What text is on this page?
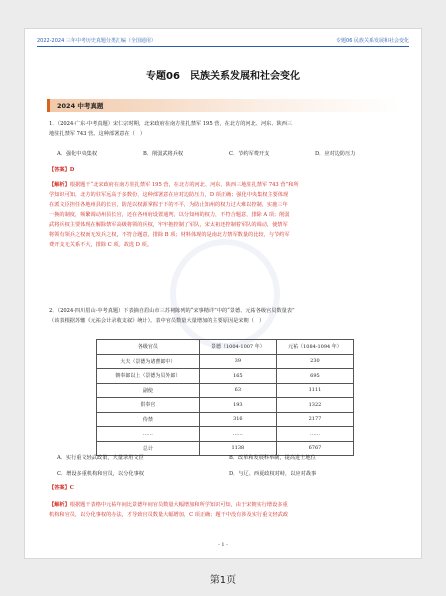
2022-2024 三年中考历史真题分类汇编（全国通用）	专题06 民族关系发展和社会变化
专题06　民族关系发展和社会变化
2024 中考真题
1．（2024·广东·中考真题）宋仁宗时期，北宋政府在南方驻扎禁军 195 营，在北方的河北、河东、陕西三
地驻扎禁军 743 营。这种部署意在（　）
A．强化中央集权	B．削弱武将兵权	C．节约军费开支	D．应对边防压力
【答案】D
【解析】根据题干“北宋政府在南方驻扎禁军 195 营，在北方的河北、河东、陕西三地驻扎禁军 743 营”和所
学知识可知，北方的驻军远高于多数份，这种部署意在应对边防压力，D 项正确；强化中央集权主要体现
在派文臣担任各地州县的长官，防范以权源掌握于下的不平，为防止知州的权力过大难以控制，实施三年
一换的制度，频繁调动州县长官，还在各州府设置通判，以分知州的权力，不符合题意，排除 A 项；削弱
武将兵权主要体现在解除禁军高级将领的兵权，牢牢抱控制了军队，宋太祖还控制着军队的调动，使禁军
将领有领兵之权而无发兵之权，不符合题意，排除 B 项；材料体现的是南北方禁军数量的比较，与节约军
费开支无关系不大，排除 C 项。故选 D 项。
2．（2024·四川眉山·中考真题）下表摘自眉山市三苏祠陈列的“宋事精详”中的“景德、元祐各级官员数量表”
（该表根据苏辙《元祐会计录收支叙》统计）。表中官员数量大量增加的主要原因是宋朝（　）
各级官员	景德（1004-1007 年）	元祐（1084-1094 年）
大夫（景德为诸曹郎中）	39	230
朝奉郎以上（景德为员外郎）	165	695
副使	63	1111
供奉官	193	1322
侍禁	316	2177
……	……	……
总计	1138	6767
A．实行重文轻武政策，大量录用文臣	B．改革和发展科举制，提高进士地位
C．增设多重机构和官员，以分化事权	D．与辽、西夏政权对峙，以应对战事
【答案】C
【解析】根据题干表格中元祐年间比景德年间官员数量大幅增加和所学知识可知，由于宋朝实行增设多重
机构和官员，以分化事权的办法，才导致官员数量大幅增加，C 项正确；题干中没有涉及实行重文轻武政
- 1 -
第1页
